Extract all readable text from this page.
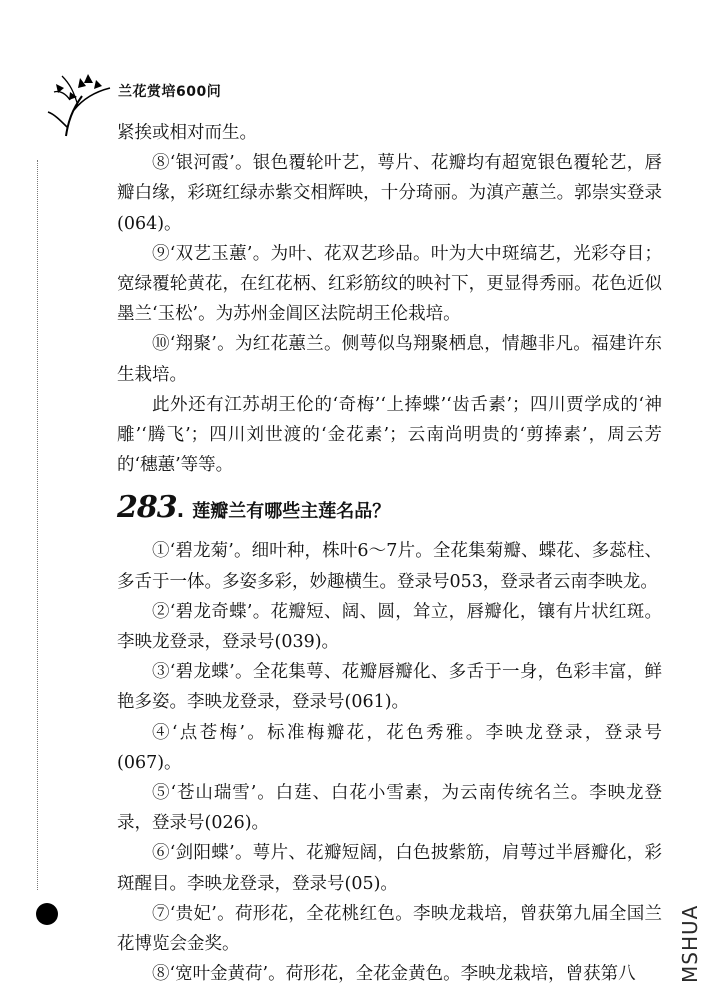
兰花赏培600问
MSHUA

紧挨或相对而生。

⑧‘银河霞’。银色覆轮叶艺，萼片、花瓣均有超宽银色覆轮艺，唇瓣白缘，彩斑红绿赤紫交相辉映，十分琦丽。为滇产蕙兰。郭崇实登录(064)。

⑨‘双艺玉蕙’。为叶、花双艺珍品。叶为大中斑缟艺，光彩夺目；宽绿覆轮黄花，在红花柄、红彩筋纹的映衬下，更显得秀丽。花色近似墨兰‘玉松’。为苏州金阊区法院胡王伦栽培。

⑩‘翔聚’。为红花蕙兰。侧萼似鸟翔聚栖息，情趣非凡。福建许东生栽培。

此外还有江苏胡王伦的‘奇梅’‘上捧蝶’‘齿舌素’；四川贾学成的‘神雕’‘腾飞’；四川刘世渡的‘金花素’；云南尚明贵的‘剪捧素’，周云芳的‘穗蕙’等等。

283 . 莲瓣兰有哪些主莲名品？

①‘碧龙菊’。细叶种，株叶6～7片。全花集菊瓣、蝶花、多蕊柱、多舌于一体。多姿多彩，妙趣横生。登录号053，登录者云南李映龙。

②‘碧龙奇蝶’。花瓣短、阔、圆，耸立，唇瓣化，镶有片状红斑。李映龙登录，登录号(039)。

③‘碧龙蝶’。全花集萼、花瓣唇瓣化、多舌于一身，色彩丰富，鲜艳多姿。李映龙登录，登录号(061)。

④‘点苍梅’。标准梅瓣花，花色秀雅。李映龙登录，登录号(067)。

⑤‘苍山瑞雪’。白莛、白花小雪素，为云南传统名兰。李映龙登录，登录号(026)。

⑥‘剑阳蝶’。萼片、花瓣短阔，白色披紫筋，肩萼过半唇瓣化，彩斑醒目。李映龙登录，登录号(05)。

⑦‘贵妃’。荷形花，全花桃红色。李映龙栽培，曾获第九届全国兰花博览会金奖。

⑧‘宽叶金黄荷’。荷形花，全花金黄色。李映龙栽培，曾获第八
